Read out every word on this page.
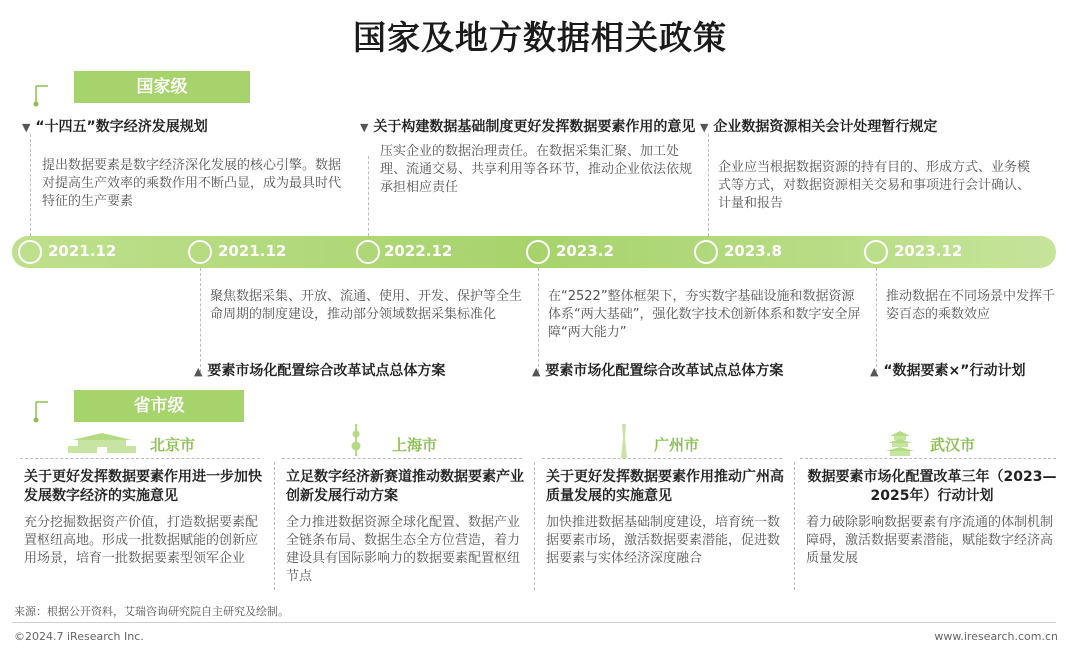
国家及地方数据相关政策
国家级
▼ “十四五”数字经济发展规划
提出数据要素是数字经济深化发展的核心引擎。数据对提高生产效率的乘数作用不断凸显，成为最具时代特征的生产要素
▼ 关于构建数据基础制度更好发挥数据要素作用的意见
压实企业的数据治理责任。在数据采集汇聚、加工处理、流通交易、共享利用等各环节，推动企业依法依规承担相应责任
▼ 企业数据资源相关会计处理暂行规定
企业应当根据数据资源的持有目的、形成方式、业务模式等方式，对数据资源相关交易和事项进行会计确认、计量和报告
2021.12	2021.12	2022.12	2023.2	2023.8	2023.12
聚焦数据采集、开放、流通、使用、开发、保护等全生命周期的制度建设，推动部分领域数据采集标准化
▲ 要素市场化配置综合改革试点总体方案
在“2522”整体框架下，夯实数字基础设施和数据资源体系“两大基础”，强化数字技术创新体系和数字安全屏障“两大能力”
▲ 要素市场化配置综合改革试点总体方案
推动数据在不同场景中发挥千姿百态的乘数效应
▲ “数据要素×”行动计划
省市级
北京市	上海市	广州市	武汉市
关于更好发挥数据要素作用进一步加快发展数字经济的实施意见
充分挖掘数据资产价值，打造数据要素配置枢纽高地。形成一批数据赋能的创新应用场景，培育一批数据要素型领军企业
立足数字经济新赛道推动数据要素产业创新发展行动方案
全力推进数据资源全球化配置、数据产业全链条布局、数据生态全方位营造，着力建设具有国际影响力的数据要素配置枢纽节点
关于更好发挥数据要素作用推动广州高质量发展的实施意见
加快推进数据基础制度建设，培育统一数据要素市场，激活数据要素潜能，促进数据要素与实体经济深度融合
数据要素市场化配置改革三年（2023—2025年）行动计划
着力破除影响数据要素有序流通的体制机制障碍，激活数据要素潜能，赋能数字经济高质量发展
来源：根据公开资料，艾瑞咨询研究院自主研究及绘制。
©2024.7 iResearch Inc.	www.iresearch.com.cn
